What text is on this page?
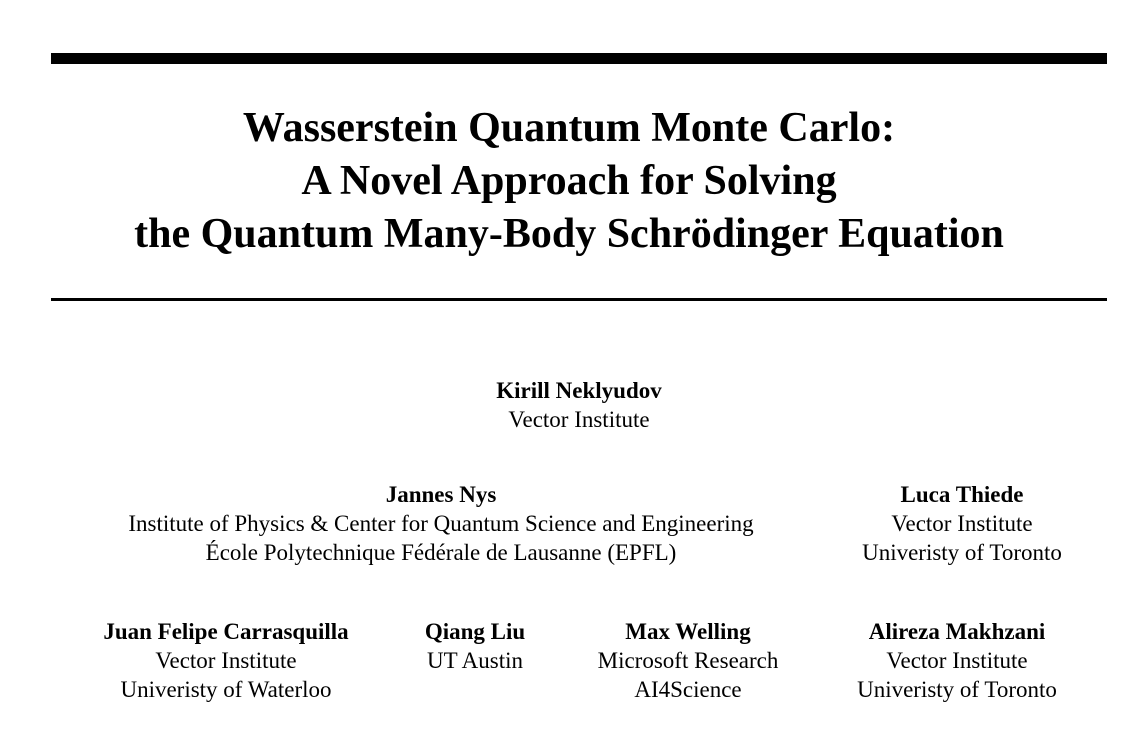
Wasserstein Quantum Monte Carlo:
A Novel Approach for Solving
the Quantum Many-Body Schrödinger Equation
Kirill Neklyudov
Vector Institute
Jannes Nys
Institute of Physics & Center for Quantum Science and Engineering
École Polytechnique Fédérale de Lausanne (EPFL)
Luca Thiede
Vector Institute
Univeristy of Toronto
Juan Felipe Carrasquilla
Vector Institute
Univeristy of Waterloo
Qiang Liu
UT Austin
Max Welling
Microsoft Research
AI4Science
Alireza Makhzani
Vector Institute
Univeristy of Toronto
